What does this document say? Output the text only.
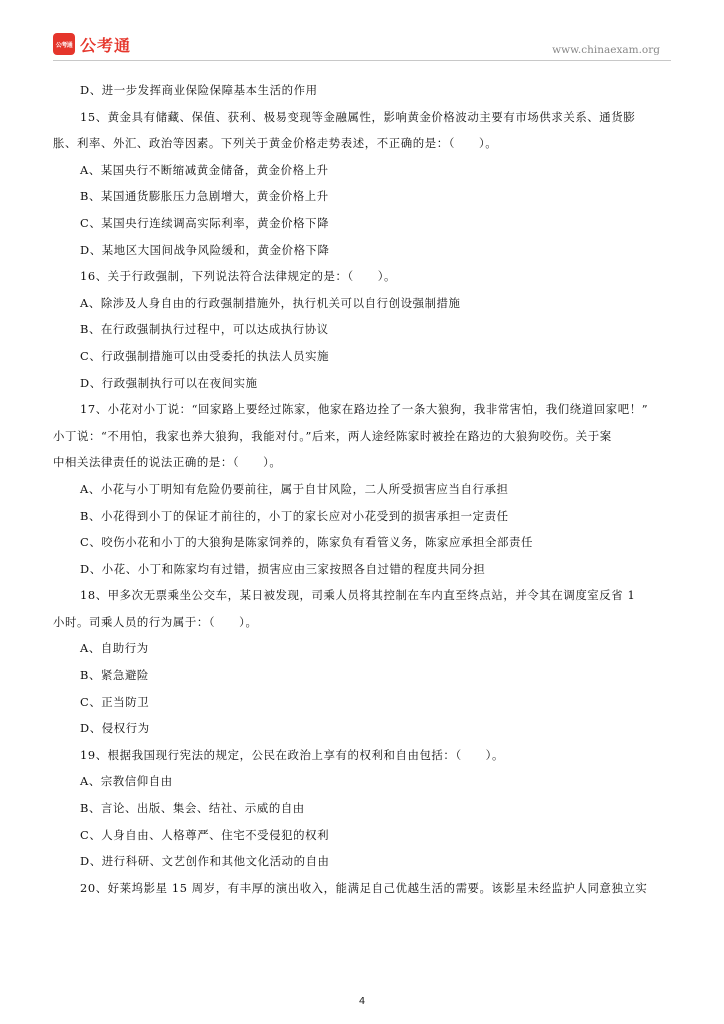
公考通 公考通	www.chinaexam.org
D、进一步发挥商业保险保障基本生活的作用
15、黄金具有储藏、保值、获利、极易变现等金融属性，影响黄金价格波动主要有市场供求关系、通货膨
胀、利率、外汇、政治等因素。下列关于黄金价格走势表述，不正确的是：（　　）。
A、某国央行不断缩减黄金储备，黄金价格上升
B、某国通货膨胀压力急剧增大，黄金价格上升
C、某国央行连续调高实际利率，黄金价格下降
D、某地区大国间战争风险缓和，黄金价格下降
16、关于行政强制，下列说法符合法律规定的是：（　　）。
A、除涉及人身自由的行政强制措施外，执行机关可以自行创设强制措施
B、在行政强制执行过程中，可以达成执行协议
C、行政强制措施可以由受委托的执法人员实施
D、行政强制执行可以在夜间实施
17、小花对小丁说：“回家路上要经过陈家，他家在路边拴了一条大狼狗，我非常害怕，我们绕道回家吧！”
小丁说：“不用怕，我家也养大狼狗，我能对付。”后来，两人途经陈家时被拴在路边的大狼狗咬伤。关于案
中相关法律责任的说法正确的是：（　　）。
A、小花与小丁明知有危险仍要前往，属于自甘风险，二人所受损害应当自行承担
B、小花得到小丁的保证才前往的，小丁的家长应对小花受到的损害承担一定责任
C、咬伤小花和小丁的大狼狗是陈家饲养的，陈家负有看管义务，陈家应承担全部责任
D、小花、小丁和陈家均有过错，损害应由三家按照各自过错的程度共同分担
18、甲多次无票乘坐公交车，某日被发现，司乘人员将其控制在车内直至终点站，并令其在调度室反省 1
小时。司乘人员的行为属于：（　　）。
A、自助行为
B、紧急避险
C、正当防卫
D、侵权行为
19、根据我国现行宪法的规定，公民在政治上享有的权利和自由包括：（　　）。
A、宗教信仰自由
B、言论、出版、集会、结社、示威的自由
C、人身自由、人格尊严、住宅不受侵犯的权利
D、进行科研、文艺创作和其他文化活动的自由
20、好莱坞影星 15 周岁，有丰厚的演出收入，能满足自己优越生活的需要。该影星未经监护人同意独立实
4
